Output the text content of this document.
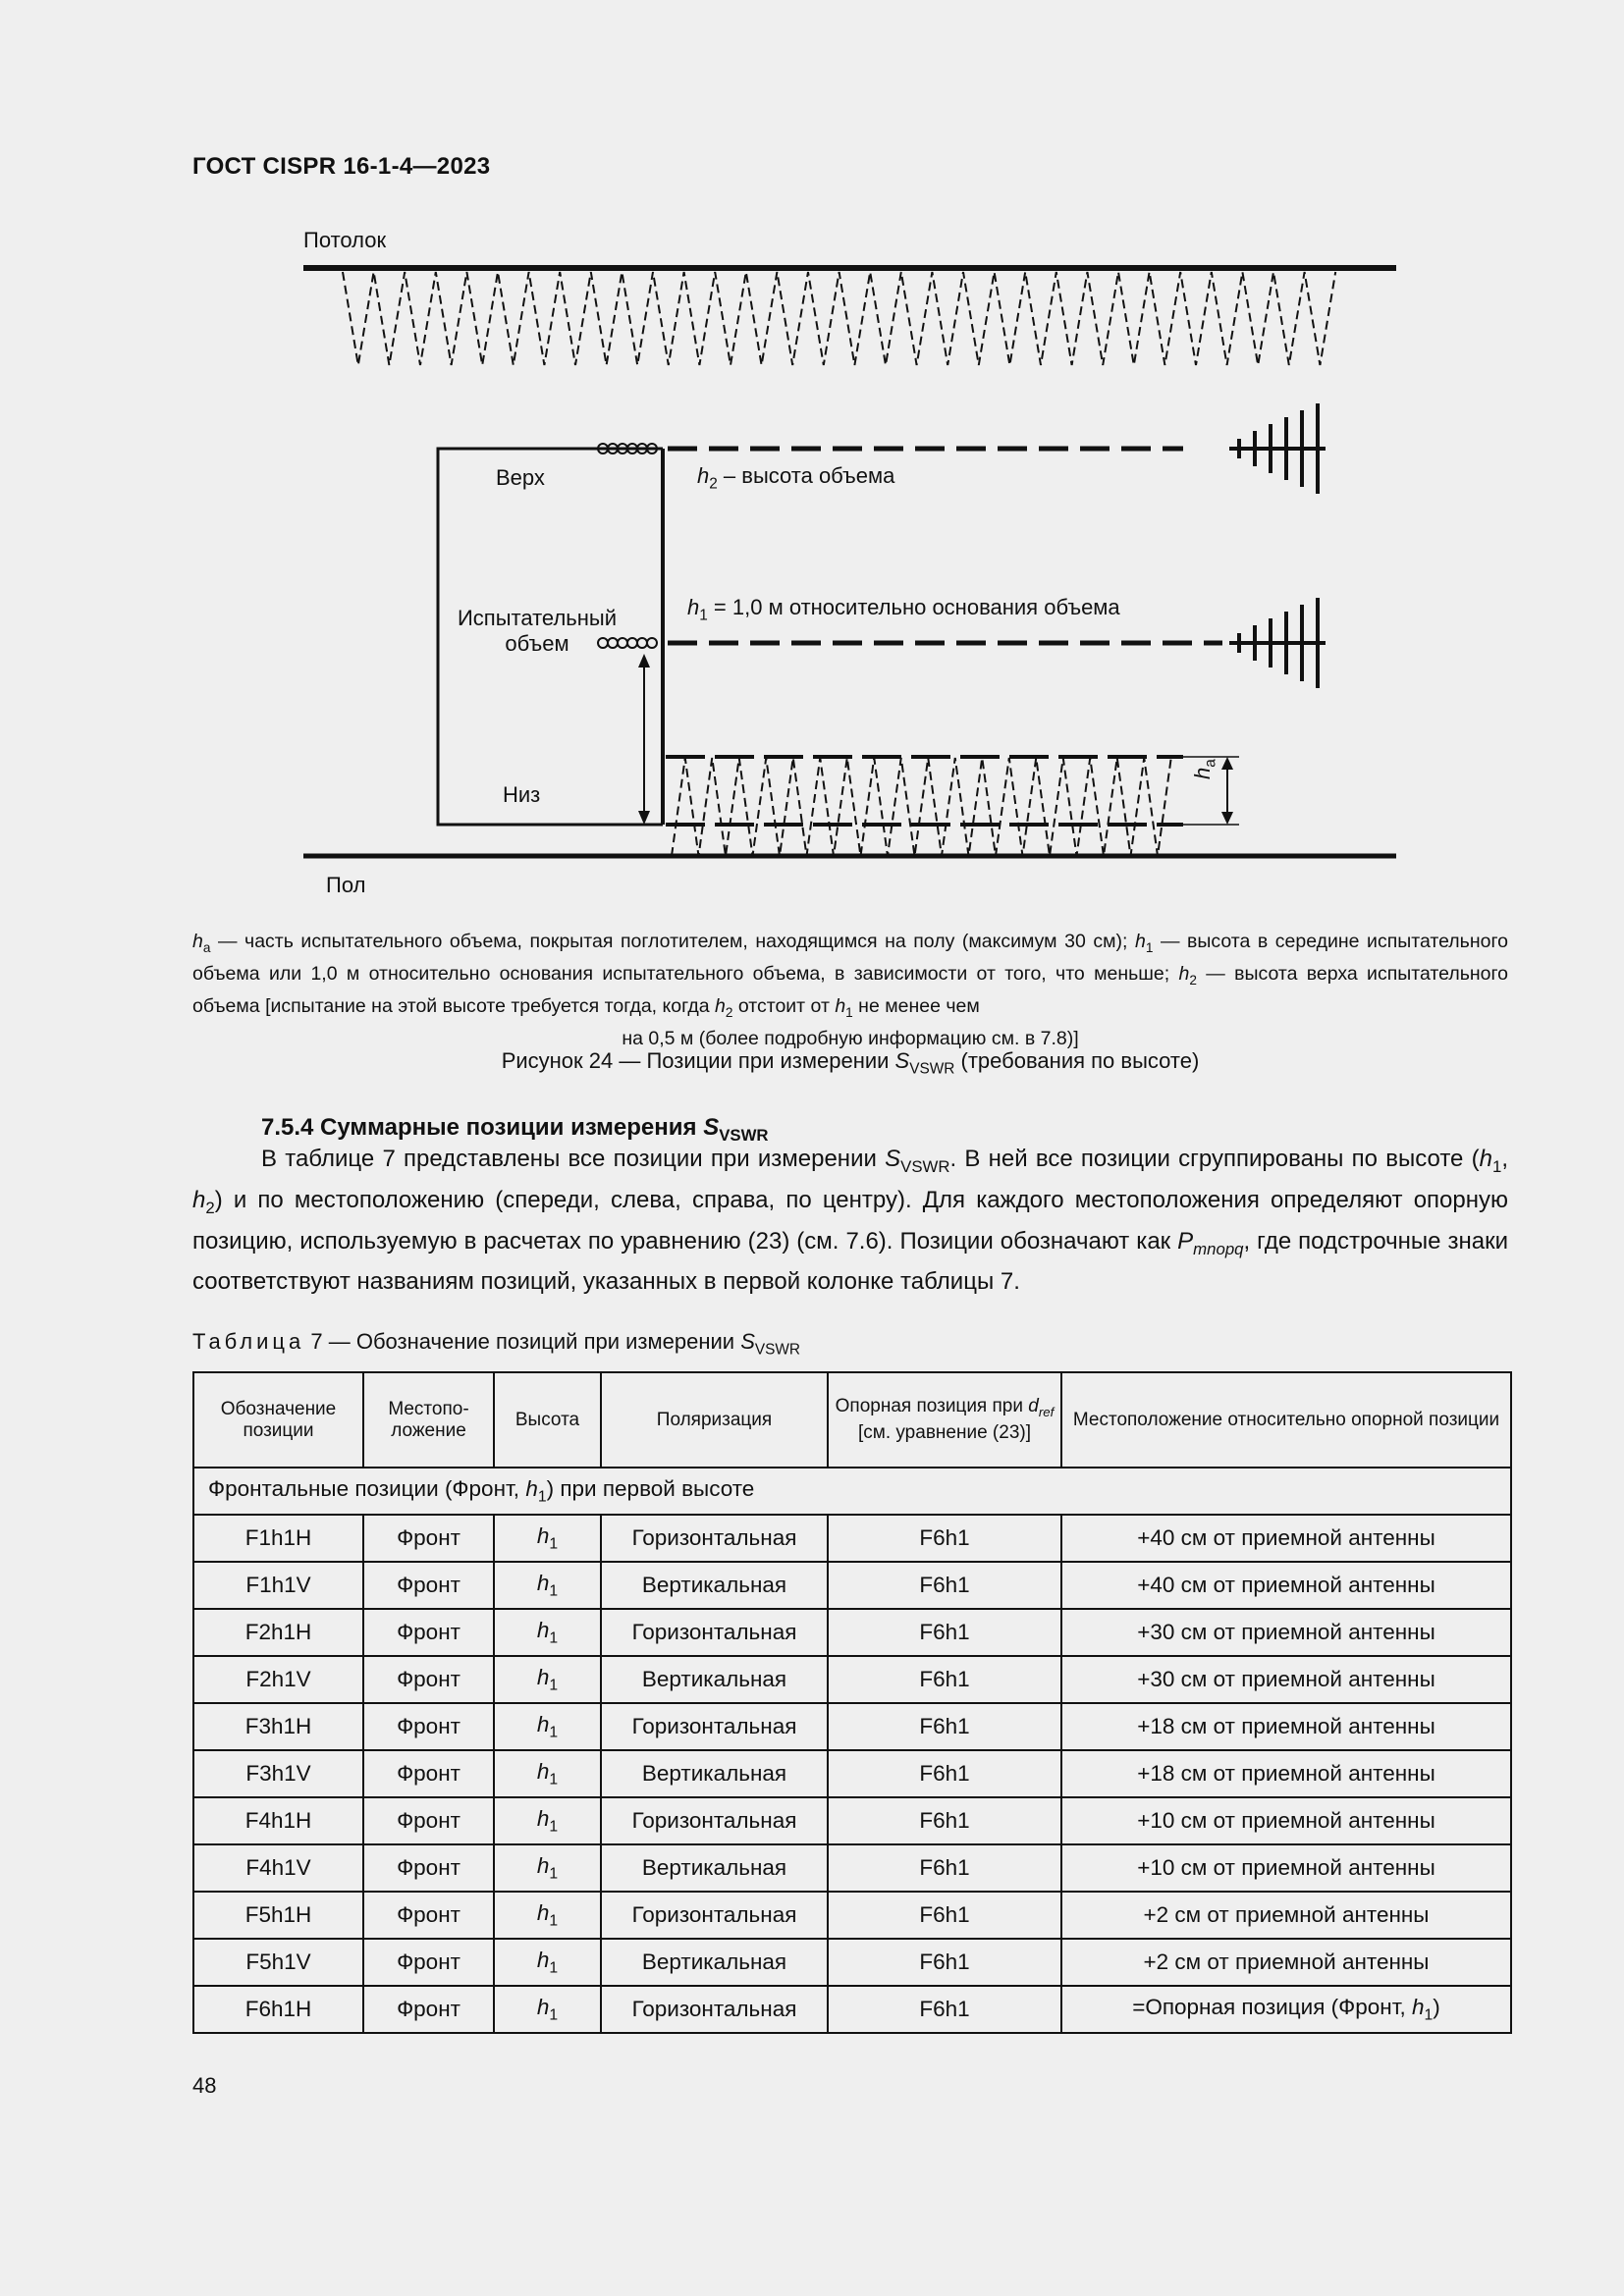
ГОСТ CISPR 16-1-4—2023
Потолок
Верх	$h_2$ – высота объема
Испытательный объем
$h_1 = 1,0$ м относительно основания объема
Низ
$h_a$
Пол
$h_a$ — часть испытательного объема, покрытая поглотителем, находящимся на полу (максимум 30 см); $h_1$ — высота в середине испытательного объема или 1,0 м относительно основания испытательного объема, в зависимости от того, что меньше; $h_2$ — высота верха испытательного объема [испытание на этой высоте требуется тогда, когда $h_2$ отстоит от $h_1$ не менее чем
на 0,5 м (более подробную информацию см. в 7.8)]
Рисунок 24 — Позиции при измерении $S_{VSWR}$ (требования по высоте)
7.5.4 Суммарные позиции измерения $S_{VSWR}$
В таблице 7 представлены все позиции при измерении $S_{VSWR}$. В ней все позиции сгруппированы по высоте ($h_1$, $h_2$) и по местоположению (спереди, слева, справа, по центру). Для каждого местоположения определяют опорную позицию, используемую в расчетах по уравнению (23) (см. 7.6). Позиции обозначают как $P_{mnopq}$, где подстрочные знаки соответствуют названиям позиций, указанных в первой колонке таблицы 7.
Таблица 7 — Обозначение позиций при измерении $S_{VSWR}$
Обозначение позиции	Местопо-ложение	Высота	Поляризация	Опорная позиция при $d_{ref}$
[см. уравнение (23)]	Местоположение относительно опорной позиции
Фронтальные позиции (Фронт, $h_1$) при первой высоте					
F1h1H	Фронт	$h_1$	Горизонтальная	F6h1	+40 см от приемной антенны
F1h1V	Фронт	$h_1$	Вертикальная	F6h1	+40 см от приемной антенны
F2h1H	Фронт	$h_1$	Горизонтальная	F6h1	+30 см от приемной антенны
F2h1V	Фронт	$h_1$	Вертикальная	F6h1	+30 см от приемной антенны
F3h1H	Фронт	$h_1$	Горизонтальная	F6h1	+18 см от приемной антенны
F3h1V	Фронт	$h_1$	Вертикальная	F6h1	+18 см от приемной антенны
F4h1H	Фронт	$h_1$	Горизонтальная	F6h1	+10 см от приемной антенны
F4h1V	Фронт	$h_1$	Вертикальная	F6h1	+10 см от приемной антенны
F5h1H	Фронт	$h_1$	Горизонтальная	F6h1	+2 см от приемной антенны
F5h1V	Фронт	$h_1$	Вертикальная	F6h1	+2 см от приемной антенны
F6h1H	Фронт	$h_1$	Горизонтальная	F6h1	=Опорная позиция (Фронт, $h_1$)
48
